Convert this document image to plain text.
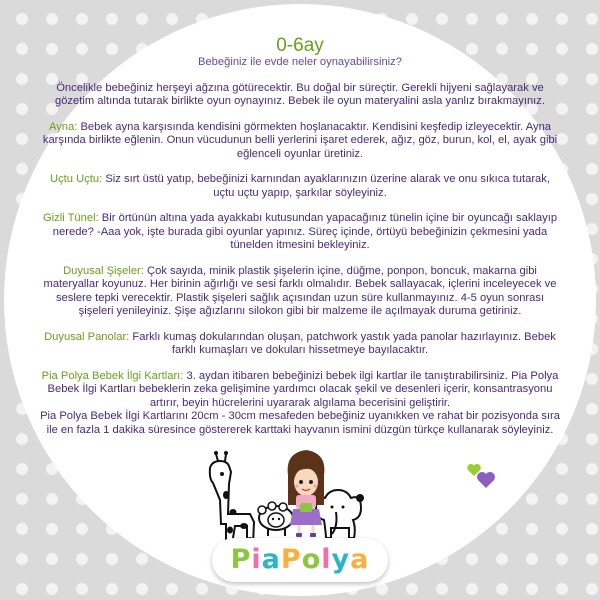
0-6ay

Bebeğiniz ile evde neler oynayabilirsiniz?

Öncelikle bebeğiniz herşeyi ağzına götürecektir. Bu doğal bir süreçtir. Gerekli hijyeni sağlayarak ve gözetim altında tutarak birlikte oyun oynayınız. Bebek ile oyun materyalini asla yanlız bırakmayınız.

Ayna: Bebek ayna karşısında kendisini görmekten hoşlanacaktır. Kendisini keşfedip izleyecektir. Ayna karşında birlikte eğlenin. Onun vücudunun belli yerlerini işaret ederek, ağız, göz, burun, kol, el, ayak gibi eğlenceli oyunlar üretiniz.

Uçtu Uçtu: Siz sırt üstü yatıp, bebeğinizi karnından ayaklarınızın üzerine alarak ve onu sıkıca tutarak, uçtu uçtu yapıp, şarkılar söyleyiniz.

Gizli Tünel: Bir örtünün altına yada ayakkabı kutusundan yapacağınız tünelin içine bir oyuncağı saklayıp nerede? -Aaa yok, işte burada gibi oyunlar yapınız. Süreç içinde, örtüyü bebeğinizin çekmesini yada tünelden itmesini bekleyiniz.

Duyusal Şişeler: Çok sayıda, minik plastik şişelerin içine, düğme, ponpon, boncuk, makarna gibi materyallar koyunuz. Her birinin ağırlığı ve sesi farklı olmalıdır. Bebek sallayacak, içlerini inceleyecek ve seslere tepki verecektir. Plastik şişeleri sağlık açısından uzun süre kullanmayınız. 4-5 oyun sonrası şişeleri yenileyiniz. Şişe ağızlarını silokon gibi bir malzeme ile açılmayak duruma getiriniz.

Duyusal Panolar: Farklı kumaş dokularından oluşan, patchwork yastık yada panolar hazırlayınız. Bebek farklı kumaşları ve dokuları hissetmeye bayılacaktır.

Pia Polya Bebek İlgi Kartları: 3. aydan itibaren bebeğinizi bebek ilgi kartlar ile tanıştırabilirsiniz. Pia Polya Bebek İlgi Kartları bebeklerin zeka gelişimine yardımcı olacak şekil ve desenleri içerir, konsantrasyonu artırır, beyin hücrelerini uyararak algılama becerisini geliştirir.

Pia Polya Bebek İlgi Kartlarını 20cm - 30cm mesafeden bebeğiniz uyanıkken ve rahat bir pozisyonda sıra ile en fazla 1 dakika süresince göstererek karttaki hayvanın ismini düzgün türkçe kullanarak söyleyiniz.

PiaPolya
